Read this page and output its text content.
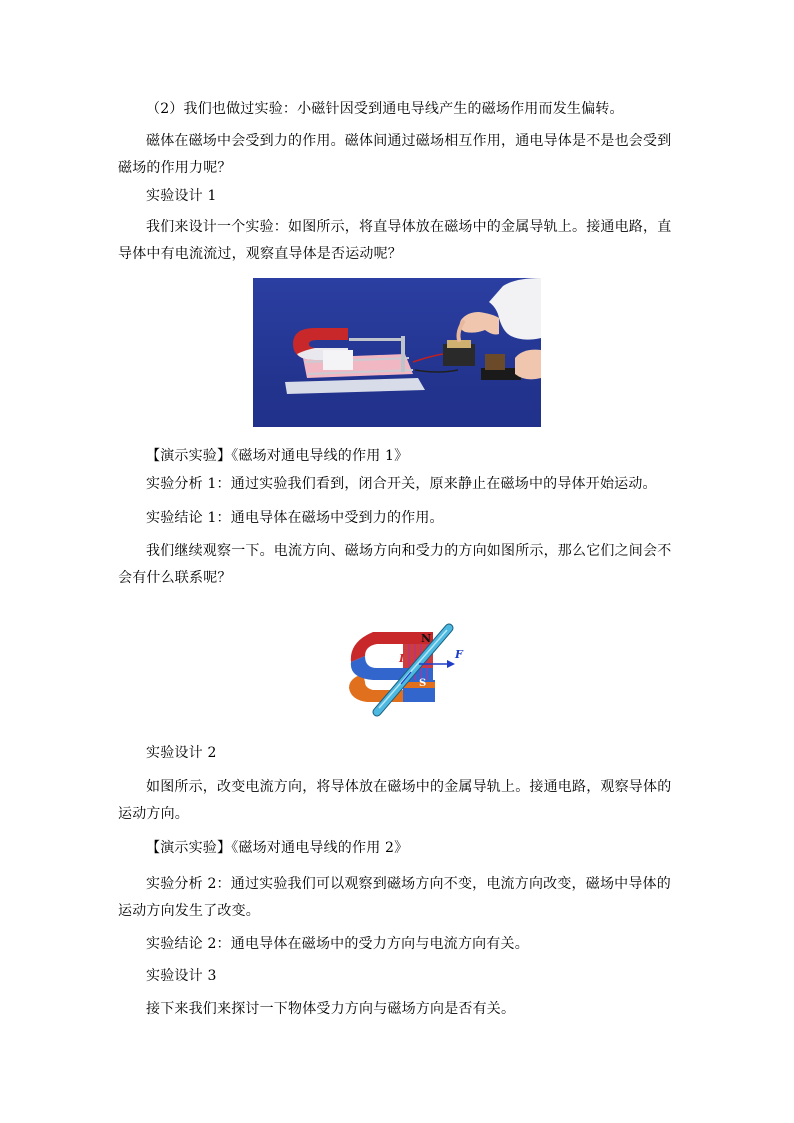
（2）我们也做过实验：小磁针因受到通电导线产生的磁场作用而发生偏转。

磁体在磁场中会受到力的作用。磁体间通过磁场相互作用，通电导体是不是也会受到磁场的作用力呢？

实验设计 1

我们来设计一个实验：如图所示，将直导体放在磁场中的金属导轨上。接通电路，直导体中有电流流过，观察直导体是否运动呢？

【演示实验】《磁场对通电导线的作用 1》

实验分析 1：通过实验我们看到，闭合开关，原来静止在磁场中的导体开始运动。

实验结论 1：通电导体在磁场中受到力的作用。

我们继续观察一下。电流方向、磁场方向和受力的方向如图所示，那么它们之间会不会有什么联系呢？

N
S
I	F

实验设计 2

如图所示，改变电流方向，将导体放在磁场中的金属导轨上。接通电路，观察导体的运动方向。

【演示实验】《磁场对通电导线的作用 2》

实验分析 2：通过实验我们可以观察到磁场方向不变，电流方向改变，磁场中导体的运动方向发生了改变。

实验结论 2：通电导体在磁场中的受力方向与电流方向有关。

实验设计 3

接下来我们来探讨一下物体受力方向与磁场方向是否有关。
